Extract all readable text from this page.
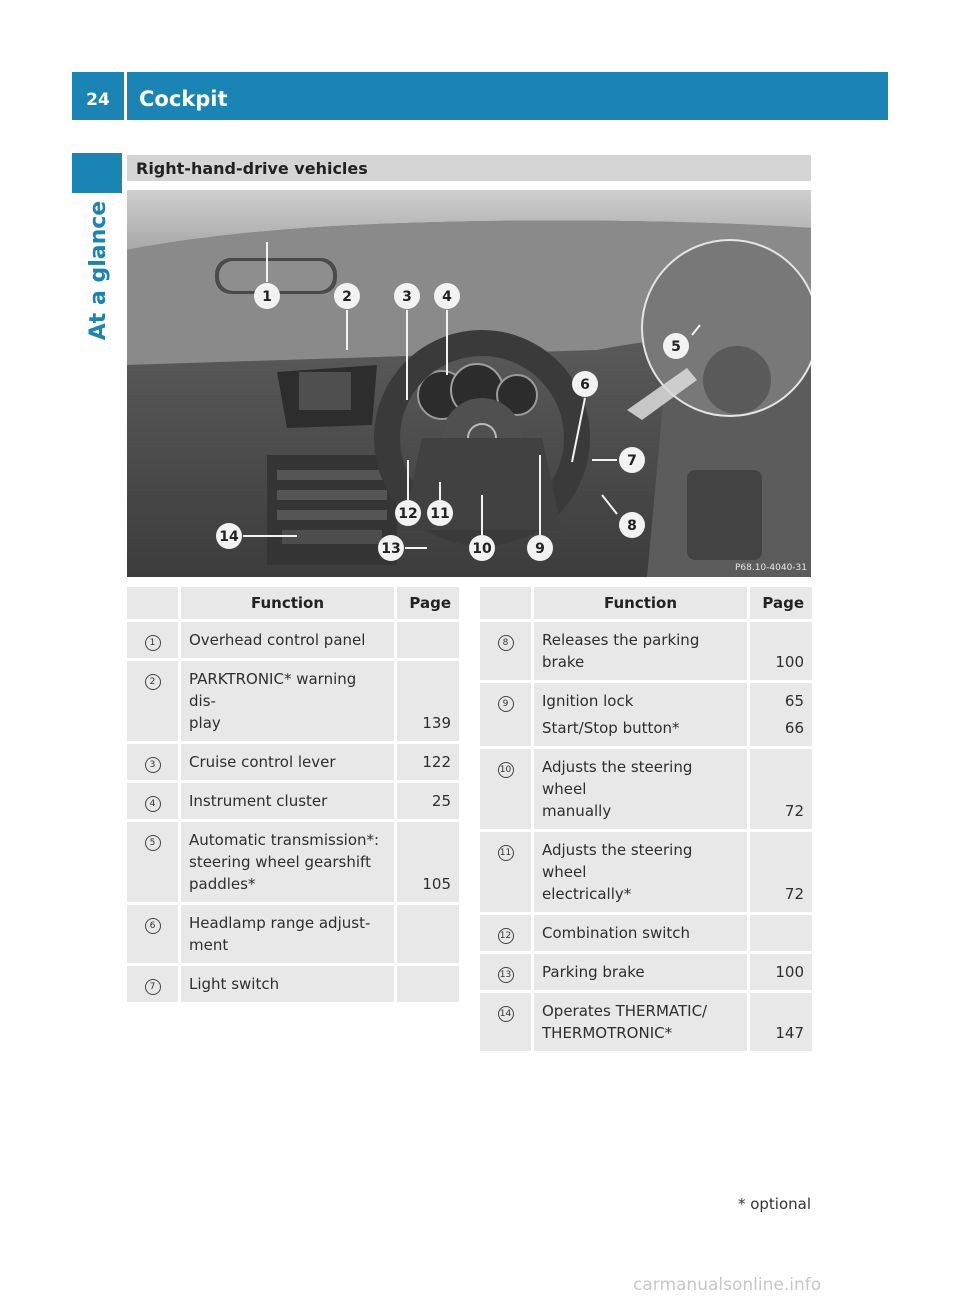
24	Cockpit
At a glance
Right-hand-drive vehicles
1	2	3 4
5
6
7
8
9
10
11
12
13
14
P68.10-4040-31
	Function	Page
1	Overhead control panel	

2	PARKTRONIC* warning dis-
play	139

3	Cruise control lever	122

4	Instrument cluster	25

5	Automatic transmission*:
steering wheel gearshift
paddles*	105

6	Headlamp range adjust-
ment	

7	Light switch	

	Function	Page
8	Releases the parking brake	100

9	Ignition lock
Start/Stop button*	65
66

10	Adjusts the steering wheel
manually	72

11	Adjusts the steering wheel
electrically*	72

12	Combination switch	

13	Parking brake	100

14	Operates THERMATIC/
THERMOTRONIC*	147
* optional
carmanualsonline.info
